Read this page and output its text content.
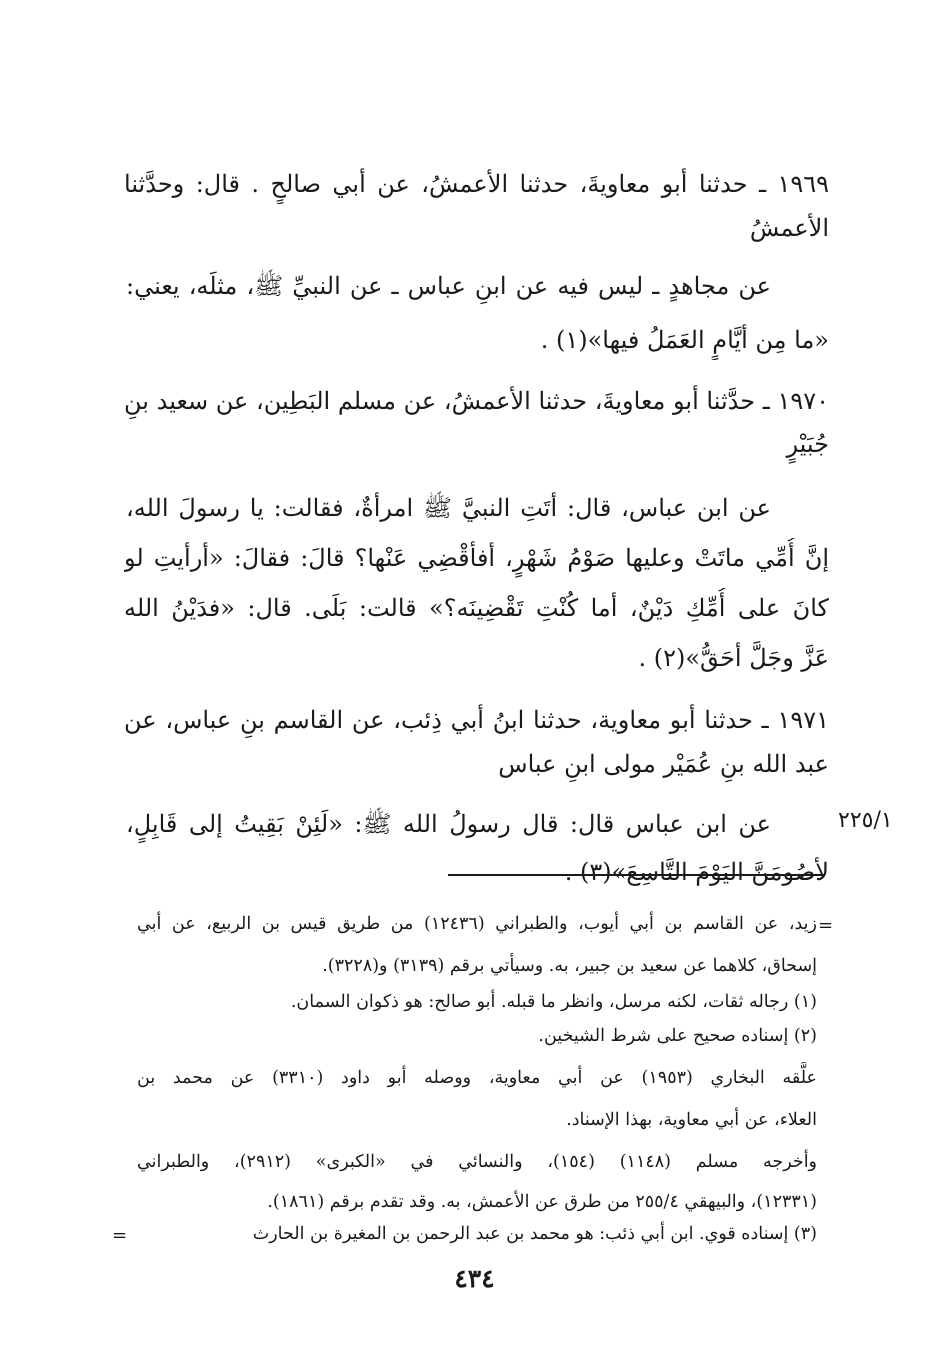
١٩٦٩ ـ حدثنا أبو معاويةَ، حدثنا الأعمشُ، عن أبي صالحٍ . قال: وحدَّثنا
الأعمشُ
عن مجاهدٍ ـ ليس فيه عن ابنِ عباس ـ عن النبيِّ ﷺ، مثلَه، يعني:
«ما مِن أيَّامٍ العَمَلُ فيها»(١) .
١٩٧٠ ـ حدَّثنا أبو معاويةَ، حدثنا الأعمشُ، عن مسلم البَطِين، عن سعيد بنِ
جُبَيْرٍ
عن ابن عباس، قال: أتَتِ النبيَّ ﷺ امرأةٌ، فقالت: يا رسولَ الله،
إنَّ أُمِّي ماتَتْ وعليها صَوْمُ شَهْرٍ، أفأقْضِي عَنْها؟ قالَ: فقالَ: «أرأيتِ لو
كانَ على أُمِّكِ دَيْنٌ، أما كُنْتِ تَقْضِينَه؟» قالت: بَلَى. قال: «فدَيْنُ الله
عَزَّ وجَلَّ أحَقُّ»(٢) .
١٩٧١ ـ حدثنا أبو معاوية، حدثنا ابنُ أبي ذِئب، عن القاسم بنِ عباس، عن
عبد الله بنِ عُمَيْر مولى ابنِ عباس
عن ابن عباس قال: قال رسولُ الله ﷺ: «لَئِنْ بَقِيتُ إلى قَابِلٍ،
لأصُومَنَّ اليَوْمَ التَّاسِعَ»(٣) .
٢٢٥/١
=
زيد، عن القاسم بن أبي أيوب، والطبراني (١٢٤٣٦) من طريق قيس بن الربيع، عن أبي
إسحاق، كلاهما عن سعيد بن جبير، به. وسيأتي برقم (٣١٣٩) و(٣٢٢٨).
(١) رجاله ثقات، لكنه مرسل، وانظر ما قبله. أبو صالح: هو ذكوان السمان.
(٢) إسناده صحيح على شرط الشيخين.
علَّقه البخاري (١٩٥٣) عن أبي معاوية، ووصله أبو داود (٣٣١٠) عن محمد بن
العلاء، عن أبي معاوية، بهذا الإسناد.
وأخرجه مسلم (١١٤٨) (١٥٤)، والنسائي في «الكبرى» (٢٩١٢)، والطبراني
(١٢٣٣١)، والبيهقي ٢٥٥/٤ من طرق عن الأعمش، به. وقد تقدم برقم (١٨٦١).
(٣) إسناده قوي. ابن أبي ذئب: هو محمد بن عبد الرحمن بن المغيرة بن الحارث
=
٤٣٤
